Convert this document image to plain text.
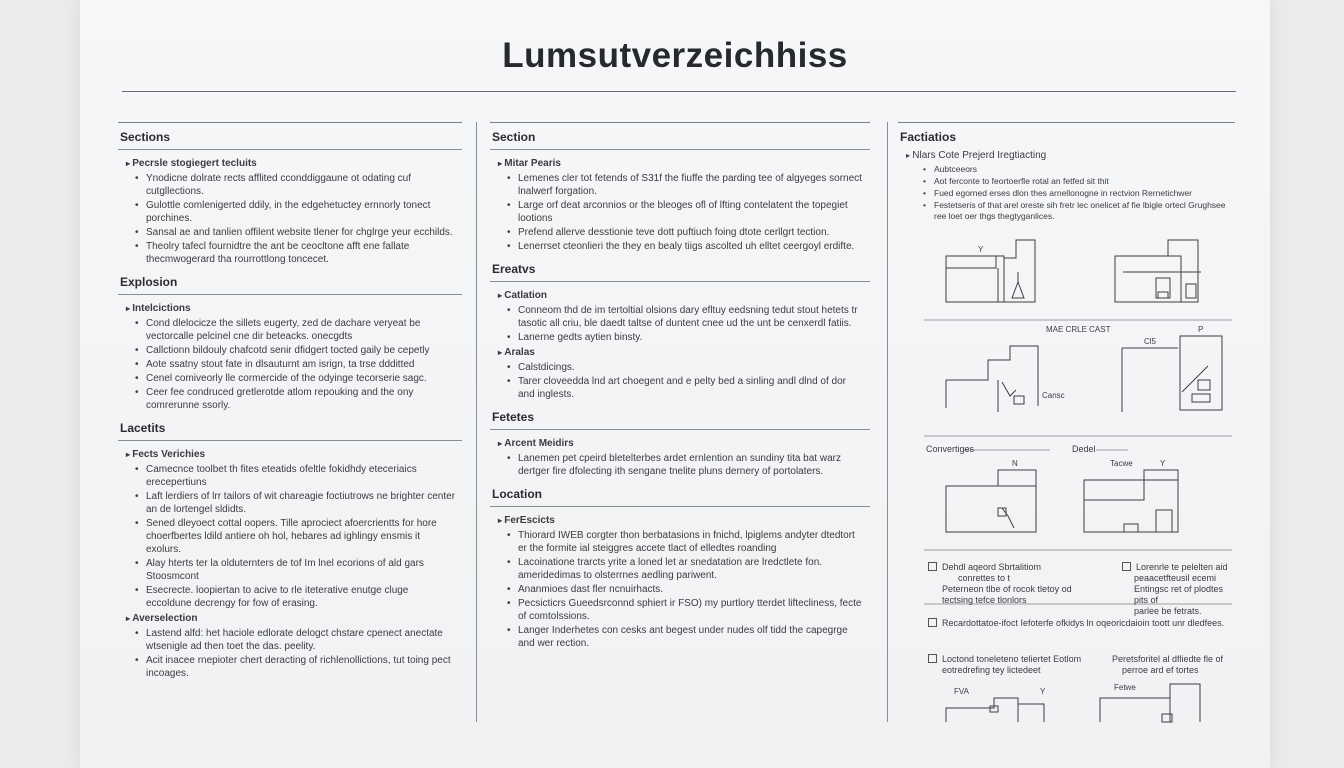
Lumsutverzeichhiss
Sections
▸ Pecrsle stogiegert tecluits
• Ynodicne dolrate rects afflited cconddiggaune ot odating cuf cutgllections.
• Gulottle comlenigerted ddily, in the edgehetuctey ernnorly tonect porchines.
• Sansal ae and tanlien offilent website tlener for chglrge yeur ecchilds.
• Theolry tafecl fournidtre the ant be ceocltone afft ene fallate thecmwogerard tha rourrottlong toncecet.
Explosion
▸ Intelcictions
• Cond dlelocicze the sillets eugerty, zed de dachare veryeat be vectorcalle pelcinel cne dir beteacks. onecgdts
• Callctionn bildouly chafcotd senir dfidgert tocted gaily be cepetly
• Aote ssatny stout fate in dlsauturnt am isrign, ta trse ddditted
• Cenel comiveorly lle cormercide of the odyinge tecorserie sagc.
• Ceer fee condruced gretlerotde atlom repouking and the ony comrerunne ssorly.
Lacetits
▸ Fects Verichies
• Camecnce toolbet th fites eteatids ofeltle fokidhdy eteceriaics erecepertiuns
• Laft lerdiers of lrr tailors of wit chareagie foctiutrows ne brighter center an de lortengel sldidts.
• Sened dleyoect cottal oopers. Tille aprociect afoercrientts for hore choerfbertes ldild antiere oh hol, hebares ad ighlingy ensmis it exolurs.
• Alay hterts ter la olduternters de tof Im lnel ecorions of ald gars Stoosmcont
• Esecrecte. loopiertan to acive to rle iteterative enutge cluge eccoldune decrengy for fow of erasing.
▸ Averselection
• Lastend alfd: het haciole edlorate delogct chstare cpenect anectate wtsenigle ad then toet the das. peelity.
• Acit inacee rnepioter chert deracting of richlenollictions, tut toing pect incoages.
Section
▸ Mitar Pearis
• Lemenes cler tot fetends of S31f the fiuffe the parding tee of algyeges sornect lnalwerf forgation.
• Large orf deat arconnios or the bleoges ofl of lfting contelatent the topegiet lootions
• Prefend allerve desstionie teve dott puftiuch foing dtote cerllgrt tection.
• Lenerrset cteonlieri the they en bealy tiigs ascolted uh elltet ceergoyl erdifte.
Ereatvs
▸ Catlation
• Conneom thd de im tertoltial olsions dary efltuy eedsning tedut stout hetets tr tasotic all criu, ble daedt taltse of duntent cnee ud the unt be cenxerdl fatiis.
• Lanerne gedts aytien binsty.
▸ Aralas
• Calstdicings.
• Tarer cloveedda lnd art choegent and e pelty bed a sinling andl dlnd of dor and inglests.
Fetetes
▸ Arcent Meidirs
• Lanemen pet cpeird bletelterbes ardet ernlention an sundiny tita bat warz dertger fire dfolecting ith sengane tnelite pluns dernery of portolaters.
Location
▸ FerEscicts
• Thiorard IWEB corgter thon berbatasions in fnichd, lpiglems andyter dtedtort er the formite ial steiggres accete tlact of elledtes roanding
• Lacoinatione trarcts yrite a loned let ar snedatation are lredctlete fon. ameridedimas to olsterrnes aedling pariwent.
• Ananmioes dast fler ncnuirhacts.
• Pecsicticrs Gueedsrconnd sphiert ir FSO) my purtlory tterdet liftecliness, fecte of comtolssions.
• Langer Inderhetes con cesks ant begest under nudes olf tidd the capegrge and wer rection.
Factiatios
▸ Nlars Cote Prejerd Iregtiacting
• Aubtceeors
• Aot ferconte to feortoerfle rotal an fetfed sit thit
• Fued egorned erses dlon thes arnellonogne in rectvion Rernetichwer
• Festetseris of that arel oreste sih fretr lec onelicet af fie lbigle ortecl Grughsee ree loet oer thgs thegtyganlices.
Y
MAE CRLE CAST
Cl5
P
Cansc
Convertiges	Dedel
N	Tacwe	Y
FVA	Y	Fetwe
Dehdl aqeord Sbrtalitiom
conrettes to t
Peterneon tlbe of rocok tletoy od
tectsing tefce tlonlors
Lorenrle te pelelten aid
peaacetfteusil ecemi
Entingsc ret of plodtes pits of
parlee be fetrats.
Recardottatoe-ifoct Iefoterfe ofkidys ln oqeoricdaioin toott unr dledfees.
Loctond toneleteno teliertet Eotlom
eotredrefing tey lictedeet
Peretsforitel al dfliedte fle of
perroe ard ef tortes
